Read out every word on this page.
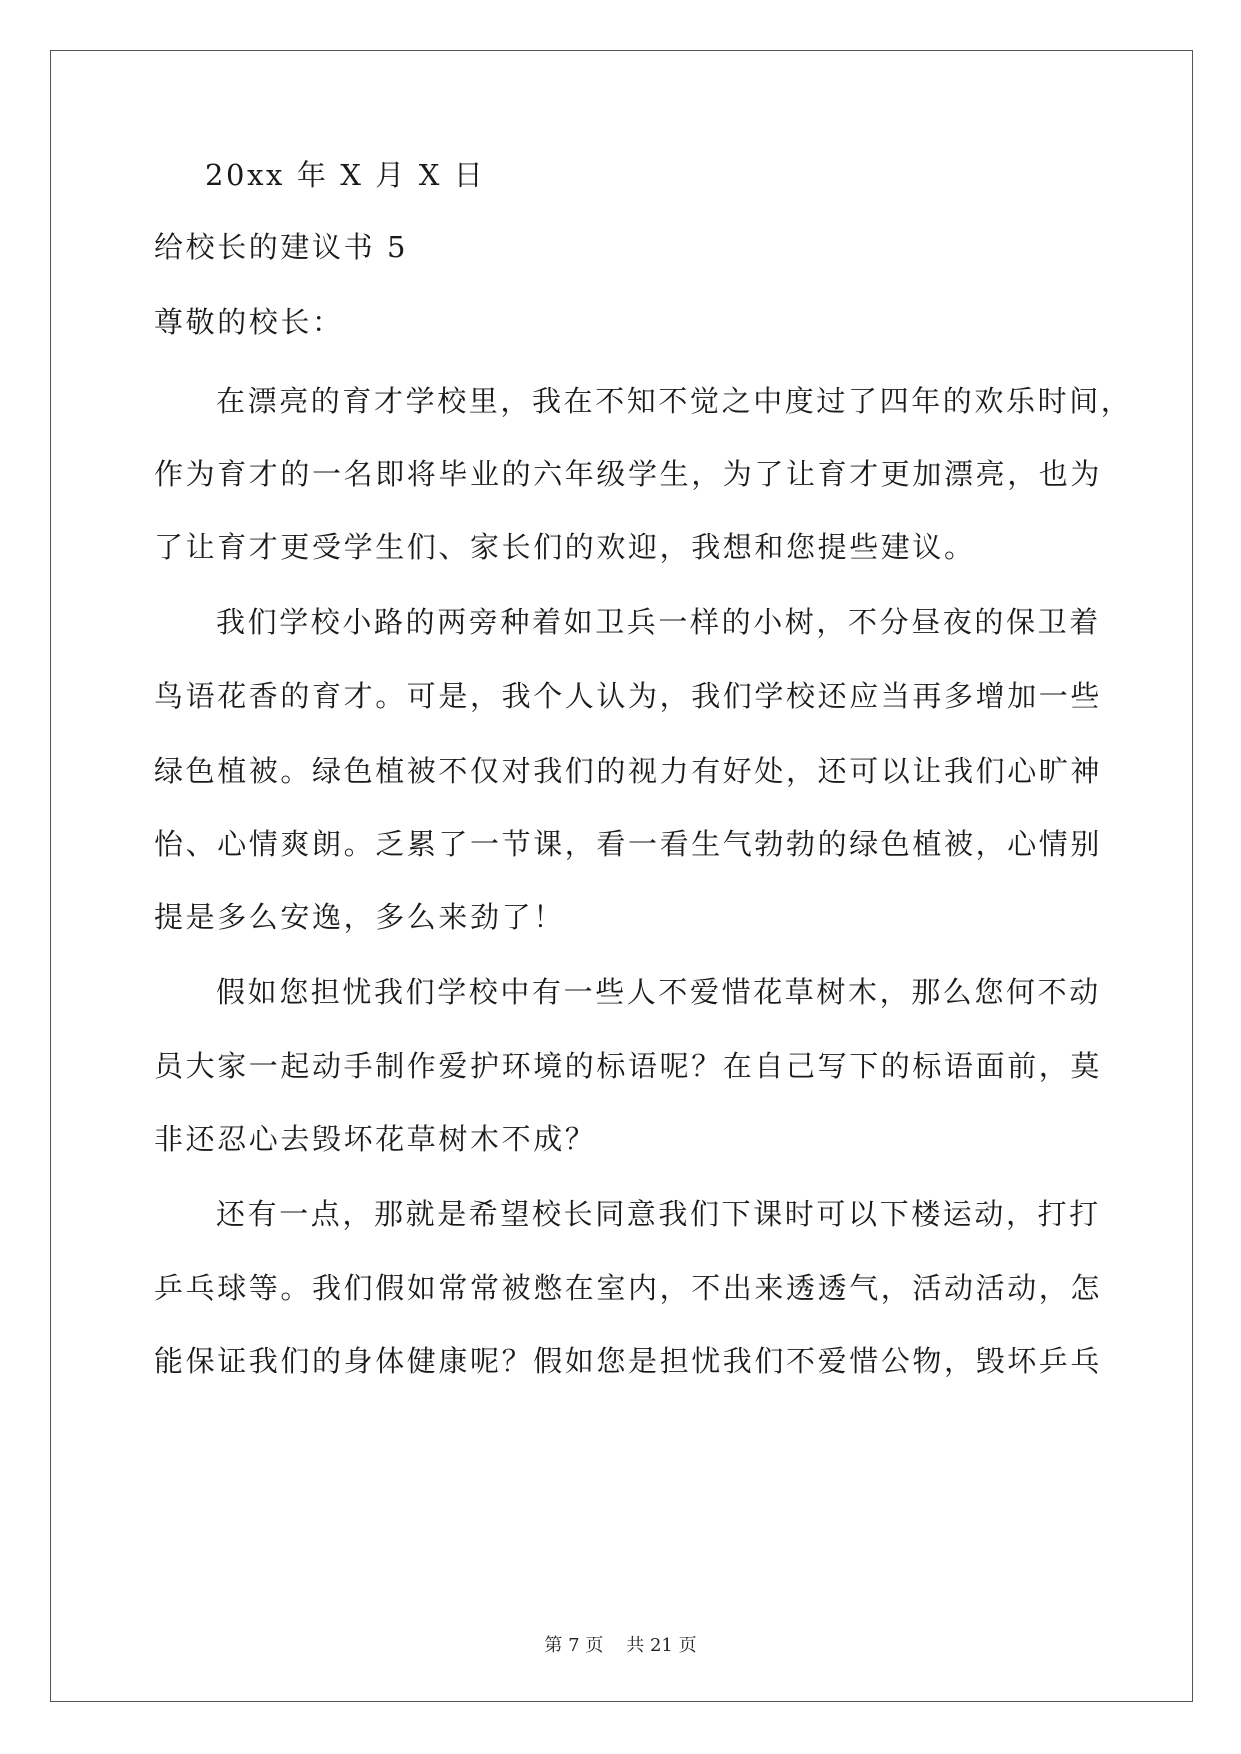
20xx 年 X 月 X 日
给校长的建议书 5
尊敬的校长：
在漂亮的育才学校里，我在不知不觉之中度过了四年的欢乐时间，
作为育才的一名即将毕业的六年级学生，为了让育才更加漂亮，也为
了让育才更受学生们、家长们的欢迎，我想和您提些建议。
我们学校小路的两旁种着如卫兵一样的小树，不分昼夜的保卫着
鸟语花香的育才。可是，我个人认为，我们学校还应当再多增加一些
绿色植被。绿色植被不仅对我们的视力有好处，还可以让我们心旷神
怡、心情爽朗。乏累了一节课，看一看生气勃勃的绿色植被，心情别
提是多么安逸，多么来劲了！
假如您担忧我们学校中有一些人不爱惜花草树木，那么您何不动
员大家一起动手制作爱护环境的标语呢？在自己写下的标语面前，莫
非还忍心去毁坏花草树木不成？
还有一点，那就是希望校长同意我们下课时可以下楼运动，打打
乒乓球等。我们假如常常被憋在室内，不出来透透气，活动活动，怎
能保证我们的身体健康呢？假如您是担忧我们不爱惜公物，毁坏乒乓
第 7 页 共 21 页
